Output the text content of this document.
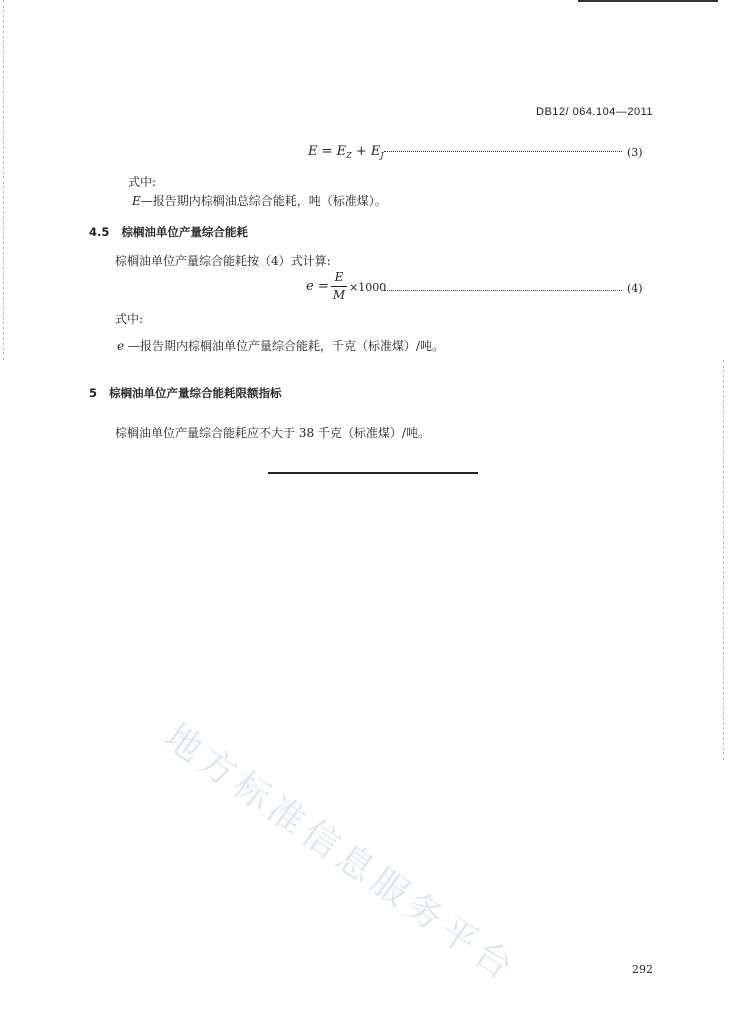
DB12/ 064.104—2011
$E = E_Z + E_J$	(3)
式中:
E—报告期内棕榈油总综合能耗，吨（标准煤）。
4.5 棕榈油单位产量综合能耗
棕榈油单位产量综合能耗按（4）式计算:
e =
E
M
×1000	(4)
式中:
e —报告期内棕榈油单位产量综合能耗，千克（标准煤）/吨。
5 棕榈油单位产量综合能耗限额指标
棕榈油单位产量综合能耗应不大于 38 千克（标准煤）/吨。
地方标准信息服务平台	292
